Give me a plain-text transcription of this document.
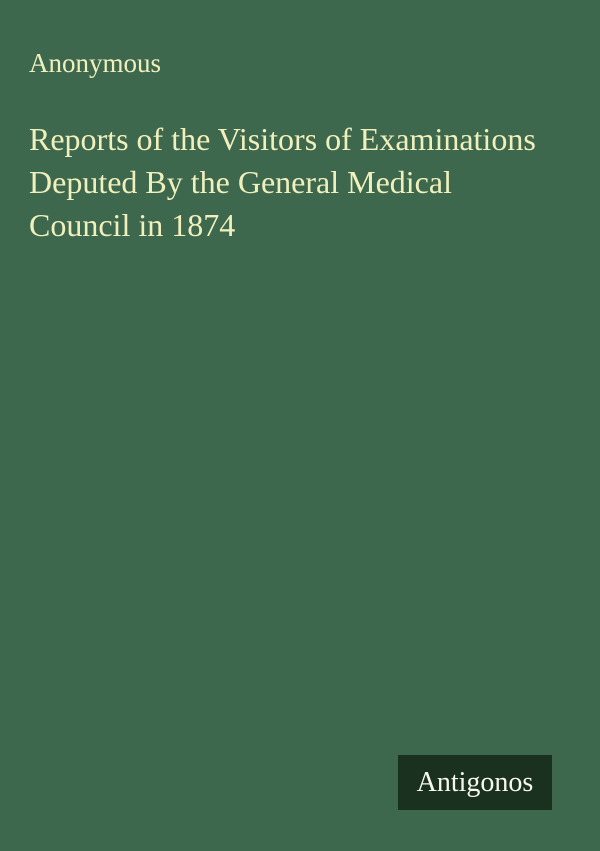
Anonymous
Reports of the Visitors of Examinations
Deputed By the General Medical
Council in 1874
Antigonos
